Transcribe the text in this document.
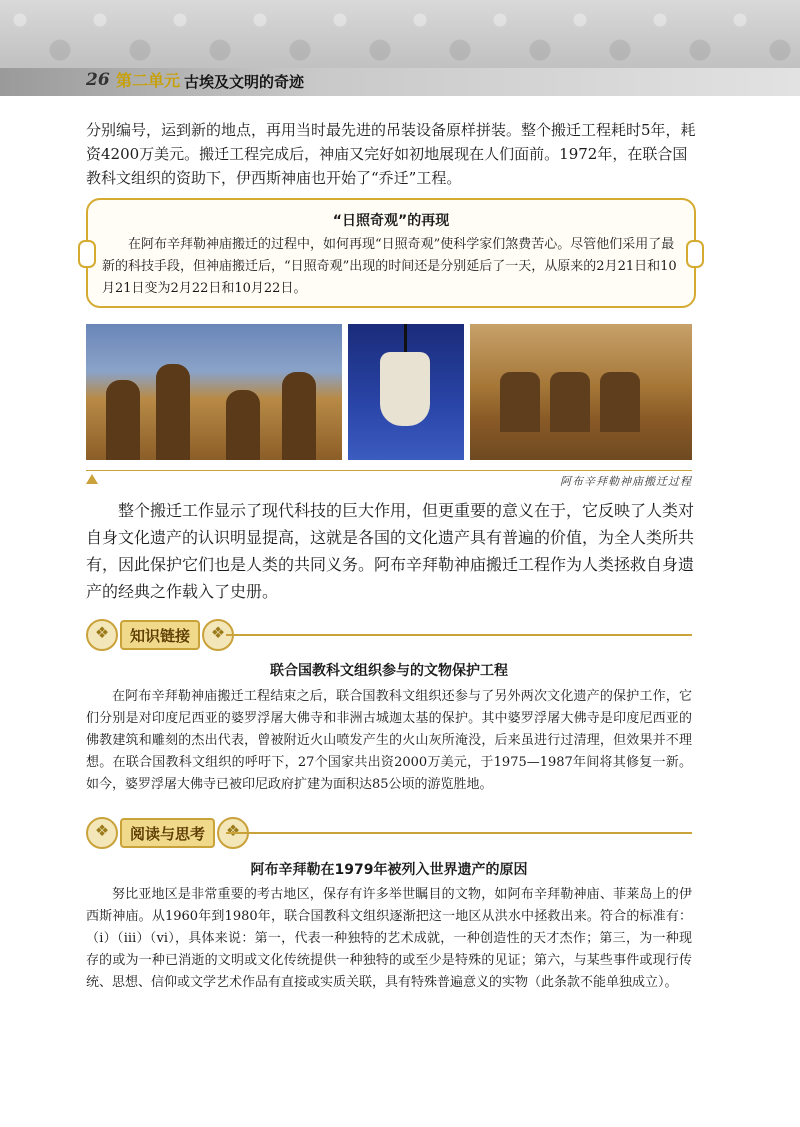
26 第二单元 古埃及文明的奇迹
分别编号，运到新的地点，再用当时最先进的吊装设备原样拼装。整个搬迁工程耗时5年，耗资4200万美元。搬迁工程完成后，神庙又完好如初地展现在人们面前。1972年，在联合国教科文组织的资助下，伊西斯神庙也开始了“乔迁”工程。
“日照奇观”的再现
在阿布辛拜勒神庙搬迁的过程中，如何再现“日照奇观”使科学家们煞费苦心。尽管他们采用了最新的科技手段，但神庙搬迁后，“日照奇观”出现的时间还是分别延后了一天，从原来的2月21日和10月21日变为2月22日和10月22日。
阿布辛拜勒神庙搬迁过程
整个搬迁工作显示了现代科技的巨大作用，但更重要的意义在于，它反映了人类对自身文化遗产的认识明显提高，这就是各国的文化遗产具有普遍的价值，为全人类所共有，因此保护它们也是人类的共同义务。阿布辛拜勒神庙搬迁工程作为人类拯救自身遗产的经典之作载入了史册。
❖
知识链接
❖
联合国教科文组织参与的文物保护工程
在阿布辛拜勒神庙搬迁工程结束之后，联合国教科文组织还参与了另外两次文化遗产的保护工作，它们分别是对印度尼西亚的婆罗浮屠大佛寺和非洲古城迦太基的保护。其中婆罗浮屠大佛寺是印度尼西亚的佛教建筑和雕刻的杰出代表，曾被附近火山喷发产生的火山灰所淹没，后来虽进行过清理，但效果并不理想。在联合国教科文组织的呼吁下，27个国家共出资2000万美元，于1975—1987年间将其修复一新。如今，婆罗浮屠大佛寺已被印尼政府扩建为面积达85公顷的游览胜地。
❖
阅读与思考
❖
阿布辛拜勒在1979年被列入世界遗产的原因
努比亚地区是非常重要的考古地区，保存有许多举世瞩目的文物，如阿布辛拜勒神庙、菲莱岛上的伊西斯神庙。从1960年到1980年，联合国教科文组织逐渐把这一地区从洪水中拯救出来。符合的标准有：（ⅰ）（ⅲ）（ⅵ），具体来说：第一，代表一种独特的艺术成就，一种创造性的天才杰作；第三，为一种现存的或为一种已消逝的文明或文化传统提供一种独特的或至少是特殊的见证；第六，与某些事件或现行传统、思想、信仰或文学艺术作品有直接或实质关联，具有特殊普遍意义的实物（此条款不能单独成立）。
